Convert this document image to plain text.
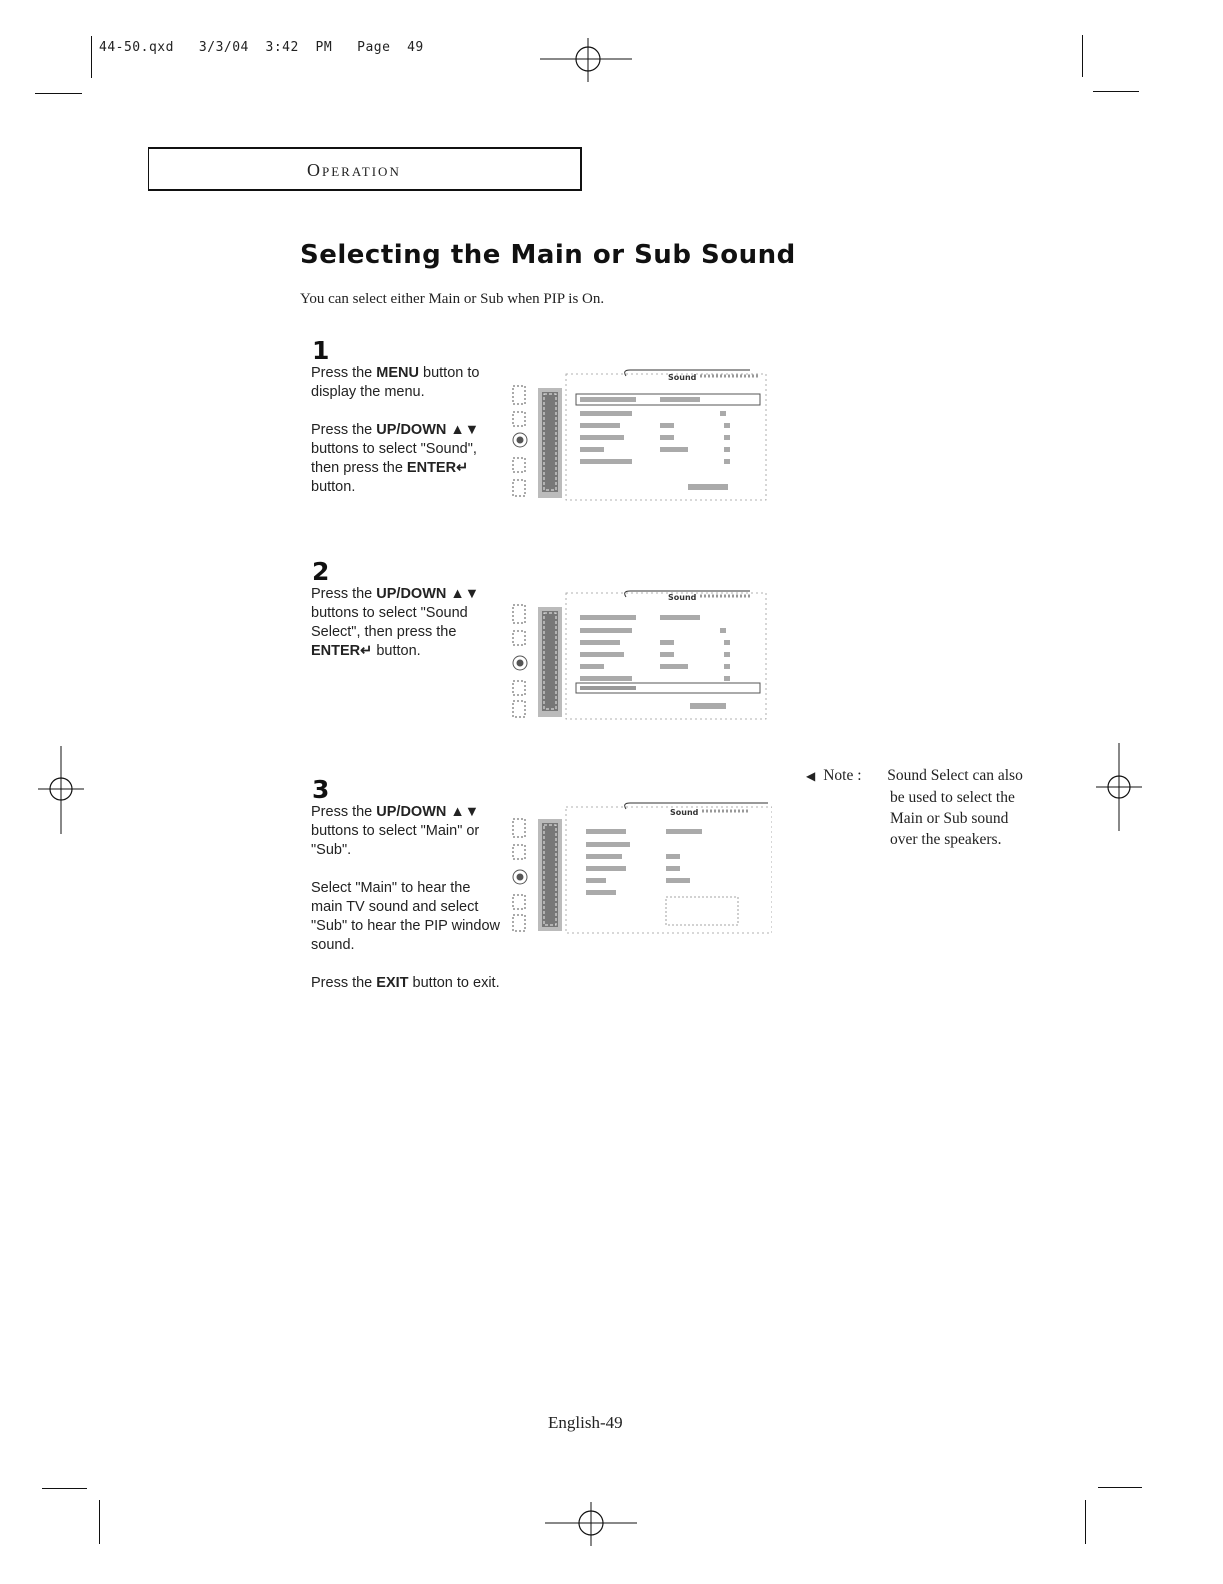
44-50.qxd   3/3/04  3:42  PM   Page  49
Operation
Selecting the Main or Sub Sound
You can select either Main or Sub when PIP is On.
1

Press the MENU button to display the menu.

Press the UP/DOWN ▲▼ buttons to select "Sound", then press the ENTER↵ button.

Sound
2

Press the UP/DOWN ▲▼ buttons to select "Sound Select", then press the ENTER↵ button.

Sound
3

Press the UP/DOWN ▲▼ buttons to select "Main" or "Sub".

Select "Main" to hear the main TV sound and select "Sub" to hear the PIP window sound.

Press the EXIT button to exit.

Sound
◀ Note : Sound Select can also
be used to select the
Main or Sub sound
over the speakers.
English-49
